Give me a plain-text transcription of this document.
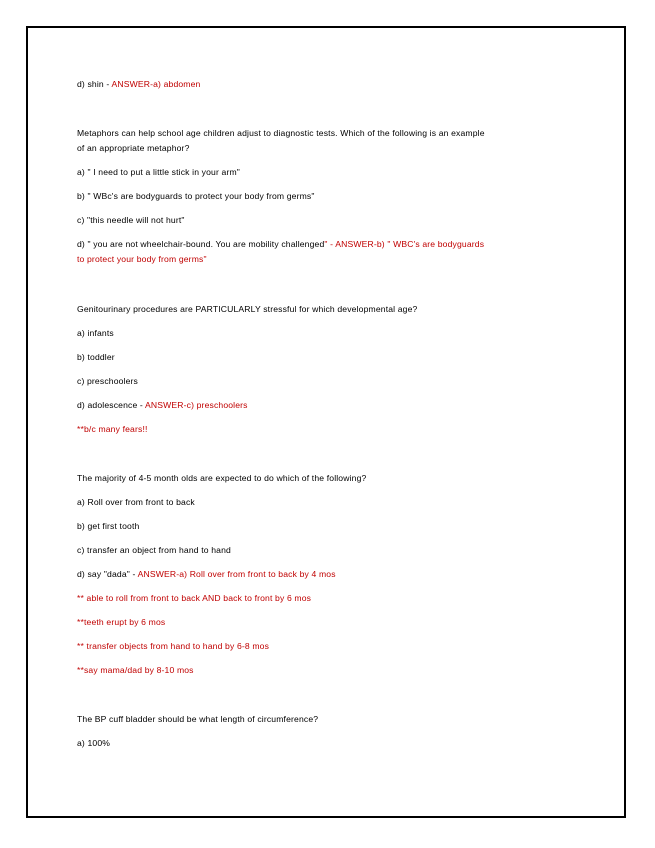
d) shin - ANSWER-a) abdomen
Metaphors can help school age children adjust to diagnostic tests. Which of the following is an example
of an appropriate metaphor?
a) " I need to put a little stick in your arm"
b) " WBc's are bodyguards to protect your body from germs"
c) "this needle will not hurt"
d) " you are not wheelchair-bound. You are mobility challenged" - ANSWER-b) " WBC's are bodyguards
to protect your body from germs"
Genitourinary procedures are PARTICULARLY stressful for which developmental age?
a) infants
b) toddler
c) preschoolers
d) adolescence - ANSWER-c) preschoolers
**b/c many fears!!
The majority of 4-5 month olds are expected to do which of the following?
a) Roll over from front to back
b) get first tooth
c) transfer an object from hand to hand
d) say "dada" - ANSWER-a) Roll over from front to back by 4 mos
** able to roll from front to back AND back to front by 6 mos
**teeth erupt by 6 mos
** transfer objects from hand to hand by 6-8 mos
**say mama/dad by 8-10 mos
The BP cuff bladder should be what length of circumference?
a) 100%
